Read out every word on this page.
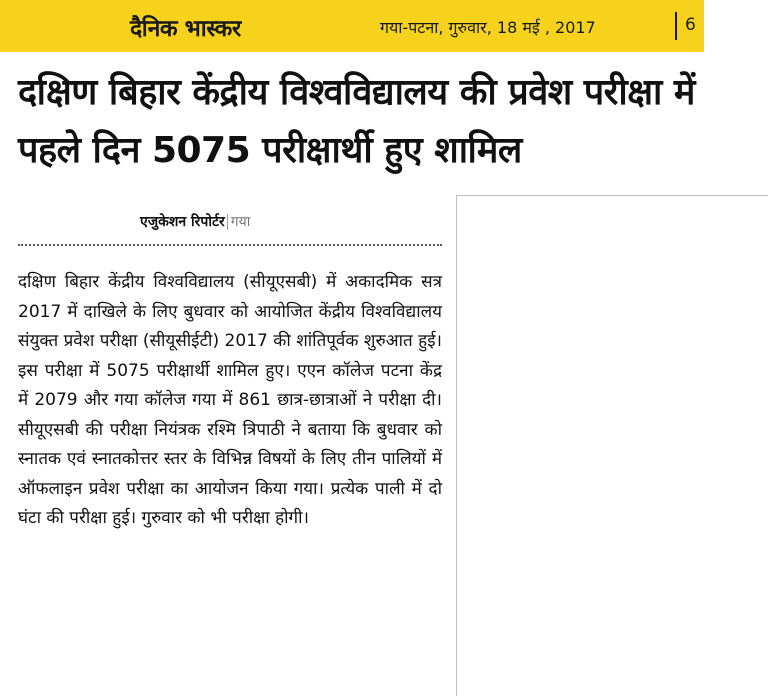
दैनिक भास्कर	गया-पटना, गुरुवार, 18 मई , 2017	6
दक्षिण बिहार केंद्रीय विश्वविद्यालय की प्रवेश परीक्षा में पहले दिन 5075 परीक्षार्थी हुए शामिल
एजुकेशन रिपोर्टर गया

दक्षिण बिहार केंद्रीय विश्वविद्यालय (सीयूएसबी) में अकादमिक सत्र 2017 में दाखिले के लिए बुधवार को आयोजित केंद्रीय विश्वविद्यालय संयुक्त प्रवेश परीक्षा (सीयूसीईटी) 2017 की शांतिपूर्वक शुरुआत हुई। इस परीक्षा में 5075 परीक्षार्थी शामिल हुए। एएन कॉलेज पटना केंद्र में 2079 और गया कॉलेज गया में 861 छात्र-छात्राओं ने परीक्षा दी। सीयूएसबी की परीक्षा नियंत्रक रश्मि त्रिपाठी ने बताया कि बुधवार को स्नातक एवं स्नातकोत्तर स्तर के विभिन्न विषयों के लिए तीन पालियों में ऑफलाइन प्रवेश परीक्षा का आयोजन किया गया। प्रत्येक पाली में दो घंटा की परीक्षा हुई। गुरुवार को भी परीक्षा होगी।
